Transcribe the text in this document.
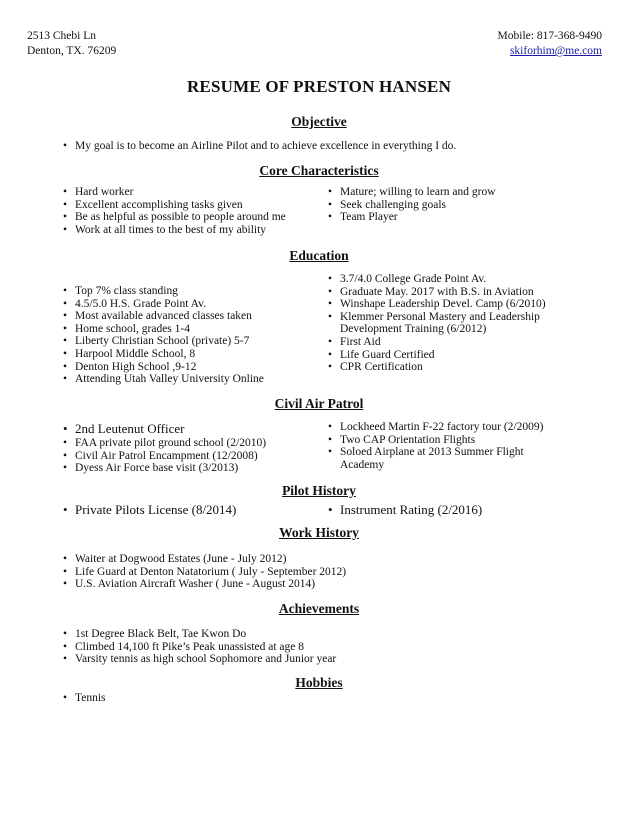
2513 Chebi Ln
Denton, TX. 76209
Mobile: 817-368-9490
skiforhim@me.com
RESUME OF PRESTON HANSEN
Objective
• My goal is to become an Airline Pilot and to achieve excellence in everything I do.
Core Characteristics
• Hard worker
• Excellent accomplishing tasks given
• Be as helpful as possible to people around me
• Work at all times to the best of my ability
• Mature; willing to learn and grow
• Seek challenging goals
• Team Player
Education
• Top 7% class standing
• 4.5/5.0 H.S. Grade Point Av.
• Most available advanced classes taken
• Home school, grades 1-4
• Liberty Christian School (private) 5-7
• Harpool Middle School, 8
• Denton High School ,9-12
• Attending Utah Valley University Online
• 3.7/4.0 College Grade Point Av.
• Graduate May. 2017 with B.S. in Aviation
• Winshape Leadership Devel. Camp (6/2010)
• Klemmer Personal Mastery and Leadership Development Training (6/2012)
• First Aid
• Life Guard Certified
• CPR Certification
Civil Air Patrol
• 2nd Leutenut Officer
• FAA private pilot ground school (2/2010)
• Civil Air Patrol Encampment (12/2008)
• Dyess Air Force base visit (3/2013)
• Lockheed Martin F-22 factory tour (2/2009)
• Two CAP Orientation Flights
• Soloed Airplane at 2013 Summer Flight Academy
Pilot History
• Private Pilots License (8/2014)	• Instrument Rating (2/2016)
Work History
• Waiter at Dogwood Estates (June - July 2012)
• Life Guard at Denton Natatorium ( July - September 2012)
• U.S. Aviation Aircraft Washer ( June - August 2014)
Achievements
• 1st Degree Black Belt, Tae Kwon Do
• Climbed 14,100 ft Pike’s Peak unassisted at age 8
• Varsity tennis as high school Sophomore and Junior year
Hobbies
• Tennis
